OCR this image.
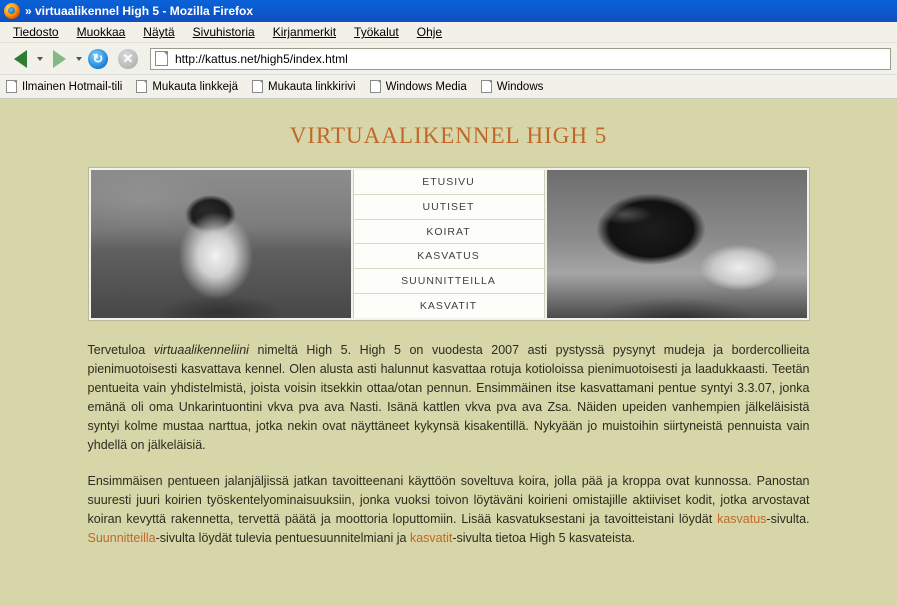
» virtuaalikennel High 5 - Mozilla Firefox
Tiedosto	Muokkaa	Näytä	Sivuhistoria	Kirjanmerkit	Työkalut	Ohje
↻	✕
http://kattus.net/high5/index.html
Ilmainen Hotmail-tili	Mukauta linkkejä	Mukauta linkkirivi	Windows Media	Windows
VIRTUAALIKENNEL HIGH 5
ETUSIVU
UUTISET
KOIRAT
KASVATUS
SUUNNITTEILLA
KASVATIT

Tervetuloa virtuaalikenneliini nimeltä High 5. High 5 on vuodesta 2007 asti pystyssä pysynyt mudeja ja bordercollieita pienimuotoisesti kasvattava kennel. Olen alusta asti halunnut kasvattaa rotuja kotioloissa pienimuotoisesti ja laadukkaasti. Teetän pentueita vain yhdistelmistä, joista voisin itsekkin ottaa/otan pennun. Ensimmäinen itse kasvattamani pentue syntyi 3.3.07, jonka emänä oli oma Unkarintuontini vkva pva ava Nasti. Isänä kattlen vkva pva ava Zsa. Näiden upeiden vanhempien jälkeläisistä syntyi kolme mustaa narttua, jotka nekin ovat näyttäneet kykynsä kisakentillä. Nykyään jo muistoihin siirtyneistä pennuista vain yhdellä on jälkeläisiä.

Ensimmäisen pentueen jalanjäljissä jatkan tavoitteenani käyttöön soveltuva koira, jolla pää ja kroppa ovat kunnossa. Panostan suuresti juuri koirien työskentelyominaisuuksiin, jonka vuoksi toivon löytäväni koirieni omistajille aktiiviset kodit, jotka arvostavat koiran kevyttä rakennetta, tervettä päätä ja moottoria loputtomiin. Lisää kasvatuksestani ja tavoitteistani löydät kasvatus-sivulta. Suunnitteilla-sivulta löydät tulevia pentuesuunnitelmiani ja kasvatit-sivulta tietoa High 5 kasvateista.
